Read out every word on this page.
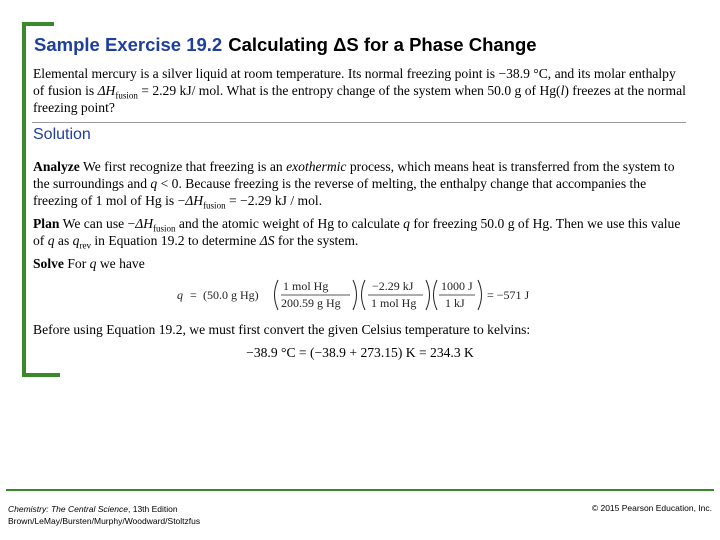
Sample Exercise 19.2 Calculating ΔS for a Phase Change
Elemental mercury is a silver liquid at room temperature. Its normal freezing point is −38.9 °C, and its molar enthalpy of fusion is $\Delta H_{fusion} = 2.29$ kJ/ mol. What is the entropy change of the system when 50.0 g of Hg(l) freezes at the normal freezing point?
Solution
Analyze We first recognize that freezing is an exothermic process, which means heat is transferred from the system to the surroundings and q < 0. Because freezing is the reverse of melting, the enthalpy change that accompanies the freezing of 1 mol of Hg is $-\Delta H_{fusion} = -2.29$ kJ / mol.
Plan We can use $-\Delta H_{fusion}$ and the atomic weight of Hg to calculate q for freezing 50.0 g of Hg. Then we use this value of q as $q_{rev}$ in Equation 19.2 to determine ΔS for the system.
Solve For q we have
q = (50.0 g Hg)
1 mol Hg
200.59 g Hg
−2.29 kJ
1 mol Hg
1000 J
1 kJ
= −571 J
Before using Equation 19.2, we must first convert the given Celsius temperature to kelvins:
−38.9 °C = (−38.9 + 273.15) K = 234.3 K
Chemistry: The Central Science, 13th Edition
Brown/LeMay/Bursten/Murphy/Woodward/Stoltzfus
© 2015 Pearson Education, Inc.
